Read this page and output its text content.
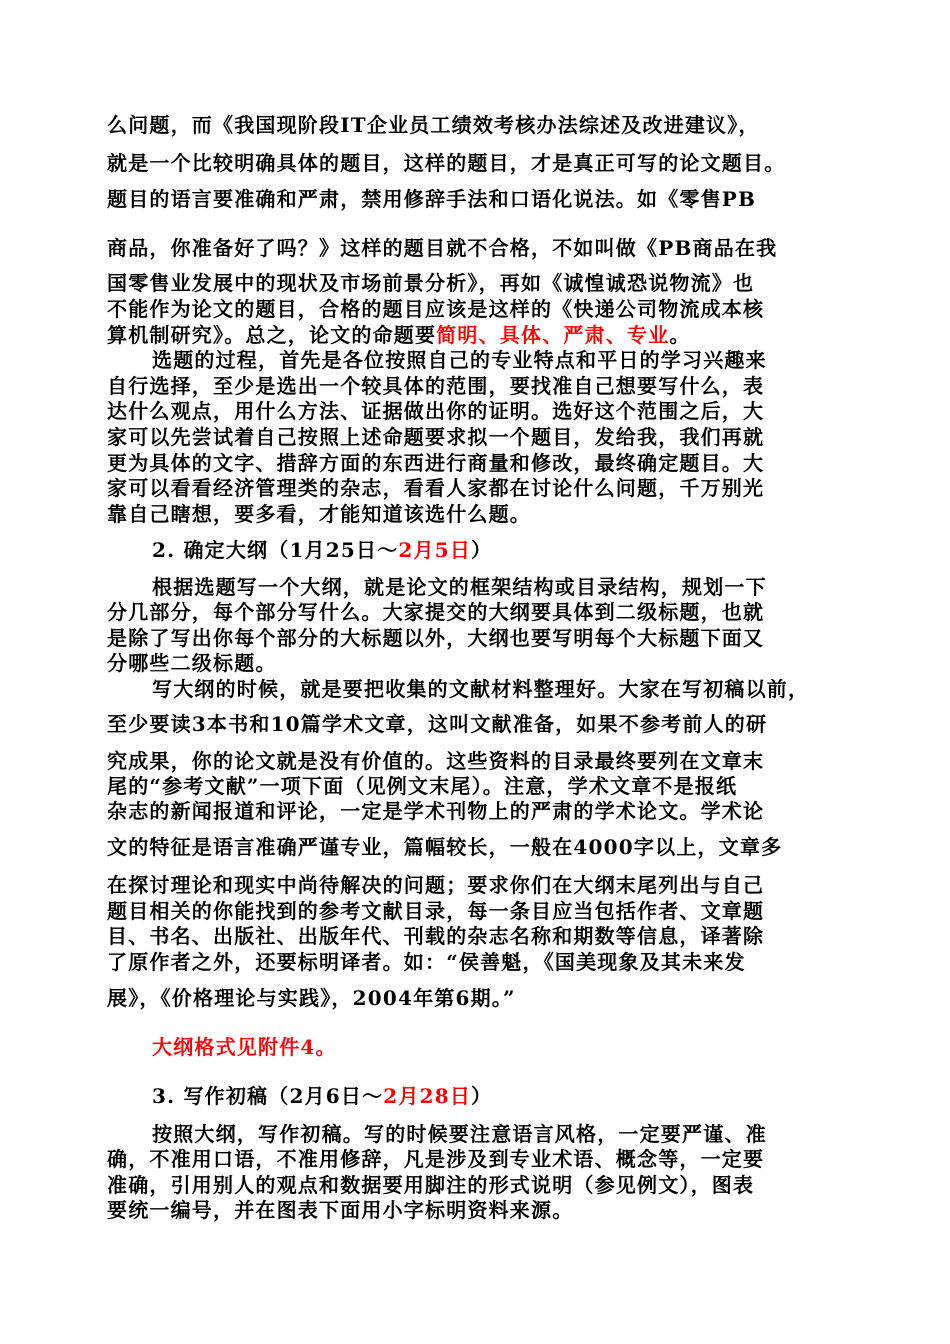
么问题，而《我国现阶段IT企业员工绩效考核办法综述及改进建议》，
就是一个比较明确具体的题目，这样的题目，才是真正可写的论文题目。
题目的语言要准确和严肃，禁用修辞手法和口语化说法。如《零售PB
商品，你准备好了吗？》这样的题目就不合格，不如叫做《PB商品在我
国零售业发展中的现状及市场前景分析》，再如《诚惶诚恐说物流》也
不能作为论文的题目，合格的题目应该是这样的《快递公司物流成本核
算机制研究》。总之，论文的命题要简明、具体、严肃、专业。
选题的过程，首先是各位按照自己的专业特点和平日的学习兴趣来
自行选择，至少是选出一个较具体的范围，要找准自己想要写什么，表
达什么观点，用什么方法、证据做出你的证明。选好这个范围之后，大
家可以先尝试着自己按照上述命题要求拟一个题目，发给我，我们再就
更为具体的文字、措辞方面的东西进行商量和修改，最终确定题目。大
家可以看看经济管理类的杂志，看看人家都在讨论什么问题，千万别光
靠自己瞎想，要多看，才能知道该选什么题。
2. 确定大纲（1月25日～2月5日）
根据选题写一个大纲，就是论文的框架结构或目录结构，规划一下
分几部分，每个部分写什么。大家提交的大纲要具体到二级标题，也就
是除了写出你每个部分的大标题以外，大纲也要写明每个大标题下面又
分哪些二级标题。
写大纲的时候，就是要把收集的文献材料整理好。大家在写初稿以前，
至少要读3本书和10篇学术文章，这叫文献准备，如果不参考前人的研
究成果，你的论文就是没有价值的。这些资料的目录最终要列在文章末
尾的“参考文献”一项下面（见例文末尾）。注意，学术文章不是报纸
杂志的新闻报道和评论，一定是学术刊物上的严肃的学术论文。学术论
文的特征是语言准确严谨专业，篇幅较长，一般在4000字以上，文章多
在探讨理论和现实中尚待解决的问题；要求你们在大纲末尾列出与自己
题目相关的你能找到的参考文献目录，每一条目应当包括作者、文章题
目、书名、出版社、出版年代、刊载的杂志名称和期数等信息，译著除
了原作者之外，还要标明译者。如：“侯善魁，《国美现象及其未来发
展》，《价格理论与实践》，2004年第6期。”
大纲格式见附件4。
3. 写作初稿（2月6日～2月28日）
按照大纲，写作初稿。写的时候要注意语言风格，一定要严谨、准
确，不准用口语，不准用修辞，凡是涉及到专业术语、概念等，一定要
准确，引用别人的观点和数据要用脚注的形式说明（参见例文），图表
要统一编号，并在图表下面用小字标明资料来源。
